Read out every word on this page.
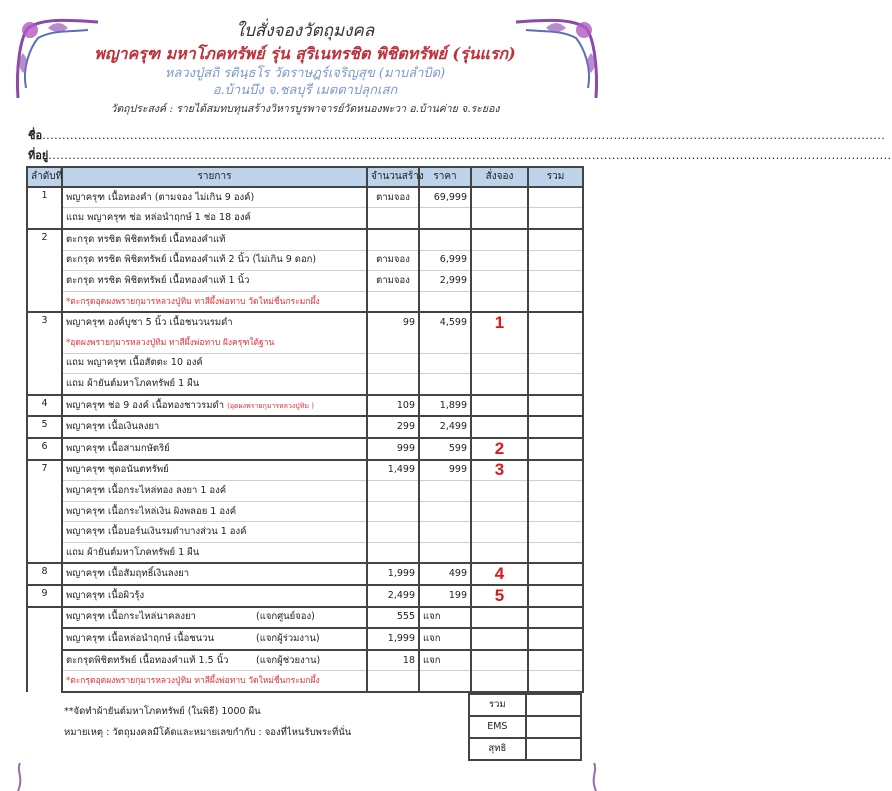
ใบสั่งจองวัตถุมงคล
พญาครุฑ มหาโภคทรัพย์ รุ่น สุริเนทรชิต พิชิตทรัพย์ (รุ่นแรก)
หลวงปู่สถิ รตินฺธโร วัดราษฎร์เจริญสุข (มาบลำบิด)
อ.บ้านบึง จ.ชลบุรี เมตตาปลุกเสก
วัตถุประสงค์ : รายได้สมทบทุนสร้างวิหารบูรพาจารย์วัดหนองพะวา อ.บ้านค่าย จ.ระยอง
ชื่อ...................................................................................................................................................................................................................
ที่อยู่...................................................................................................................................................................................................................
ลำดับที่	รายการ	จำนวนสร้าง	ราคา	สั่งจอง	รวม
1	พญาครุฑ เนื้อทองคำ (ตามจอง ไม่เกิน 9 องค์)	ตามจอง	69,999		
	แถม พญาครุฑ ช่อ หล่อนำฤกษ์ 1 ช่อ 18 องค์				
2	ตะกรุด ทรชิต พิชิตทรัพย์ เนื้อทองคำแท้				
	ตะกรุด ทรชิต พิชิตทรัพย์ เนื้อทองคำแท้ 2 นิ้ว (ไม่เกิน 9 ดอก)	ตามจอง	6,999		
	ตะกรุด ทรชิต พิชิตทรัพย์ เนื้อทองคำแท้ 1 นิ้ว	ตามจอง	2,999		
	*ตะกรุดอุดผงพรายกุมารหลวงปู่ทิม ทาสีผึ้งพ่อทาบ วัดใหม่ชื่นกระมกผึ้ง				
3	พญาครุฑ องค์บูชา 5 นิ้ว เนื้อชนวนรมดำ	99	4,599	1	
	*อุดผงพรายกุมารหลวงปู่ทิม ทาสีผึ้งพ่อทาบ ฝังครุฑใต้ฐาน				
	แถม พญาครุฑ เนื้อสัตตะ 10 องค์				
	แถม ผ้ายันต์มหาโภคทรัพย์ 1 ผืน				
4	พญาครุฑ ช่อ 9 องค์ เนื้อทองชาวรมดำ (อุดผงพรายกุมารหลวงปู่ทิม )	109	1,899		
5	พญาครุฑ เนื้อเงินลงยา	299	2,499		
6	พญาครุฑ เนื้อสามกษัตริย์	999	599	2	
7	พญาครุฑ ชุดอนันตทรัพย์	1,499	999	3	
	พญาครุฑ เนื้อกระไหล่ทอง ลงยา 1 องค์				
	พญาครุฑ เนื้อกระไหล่เงิน ผิงพลอย 1 องค์				
	พญาครุฑ เนื้อบอร์นเงินรมดำบางส่วน 1 องค์				
	แถม ผ้ายันต์มหาโภคทรัพย์ 1 ผืน				
8	พญาครุฑ เนื้อสัมฤทธิ์เงินลงยา	1,999	499	4	
9	พญาครุฑ เนื้อผิวรุ้ง	2,499	199	5	
	พญาครุฑ เนื้อกระไหล่นาคลงยา (แจกศูนย์จอง)	555	แจก		
	พญาครุฑ เนื้อหล่อนำฤกษ์ เนื้อชนวน (แจกผู้ร่วมงาน)	1,999	แจก		
	ตะกรุดพิชิตทรัพย์ เนื้อทองคำแท้ 1.5 นิ้ว (แจกผู้ช่วยงาน)	18	แจก		
	*ตะกรุดอุดผงพรายกุมารหลวงปู่ทิม ทาสีผึ้งพ่อทาบ วัดใหม่ชื่นกระมกผึ้ง				
**จัดทำผ้ายันต์มหาโภคทรัพย์ (ในพิธี) 1000 ผืน
หมายเหตุ : วัตถุมงคลมีโค้ดและหมายเลขกำกับ : จองที่ไหนรับพระที่นั่น
รวม	
EMS	
สุทธิ	
